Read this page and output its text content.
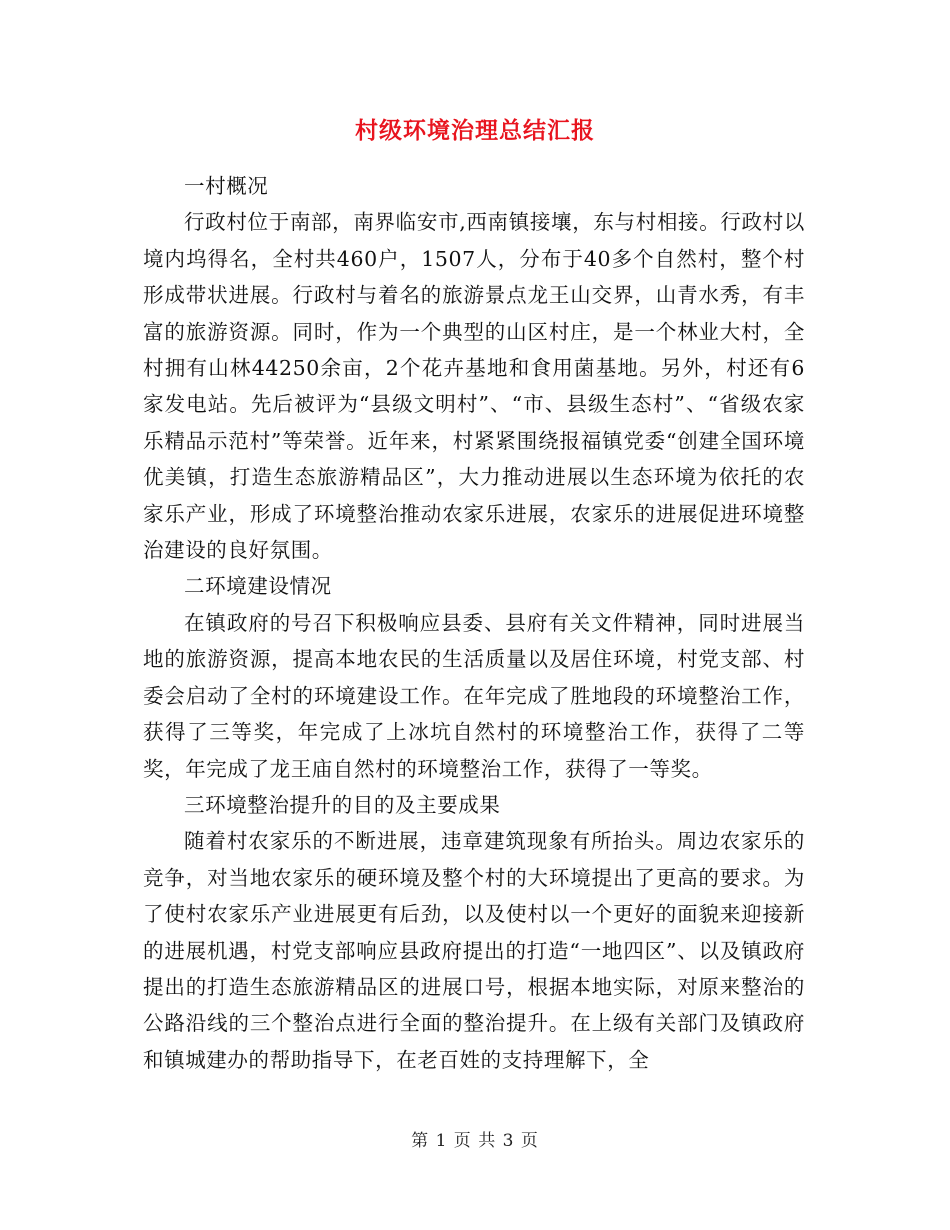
村级环境治理总结汇报

一村概况

行政村位于南部，南界临安市,西南镇接壤，东与村相接。行政村以境内坞得名，全村共460户，1507人，分布于40多个自然村，整个村形成带状进展。行政村与着名的旅游景点龙王山交界，山青水秀，有丰富的旅游资源。同时，作为一个典型的山区村庄，是一个林业大村，全村拥有山林44250余亩，2个花卉基地和食用菌基地。另外，村还有6家发电站。先后被评为“县级文明村”、“市、县级生态村”、“省级农家乐精品示范村”等荣誉。近年来，村紧紧围绕报福镇党委“创建全国环境优美镇，打造生态旅游精品区”，大力推动进展以生态环境为依托的农家乐产业，形成了环境整治推动农家乐进展，农家乐的进展促进环境整治建设的良好氛围。

二环境建设情况

在镇政府的号召下积极响应县委、县府有关文件精神，同时进展当地的旅游资源，提高本地农民的生活质量以及居住环境，村党支部、村委会启动了全村的环境建设工作。在年完成了胜地段的环境整治工作，获得了三等奖，年完成了上冰坑自然村的环境整治工作，获得了二等奖，年完成了龙王庙自然村的环境整治工作，获得了一等奖。

三环境整治提升的目的及主要成果

随着村农家乐的不断进展，违章建筑现象有所抬头。周边农家乐的竞争，对当地农家乐的硬环境及整个村的大环境提出了更高的要求。为了使村农家乐产业进展更有后劲，以及使村以一个更好的面貌来迎接新的进展机遇，村党支部响应县政府提出的打造“一地四区”、以及镇政府提出的打造生态旅游精品区的进展口号，根据本地实际，对原来整治的公路沿线的三个整治点进行全面的整治提升。在上级有关部门及镇政府和镇城建办的帮助指导下，在老百姓的支持理解下，全

第 1 页 共 3 页
